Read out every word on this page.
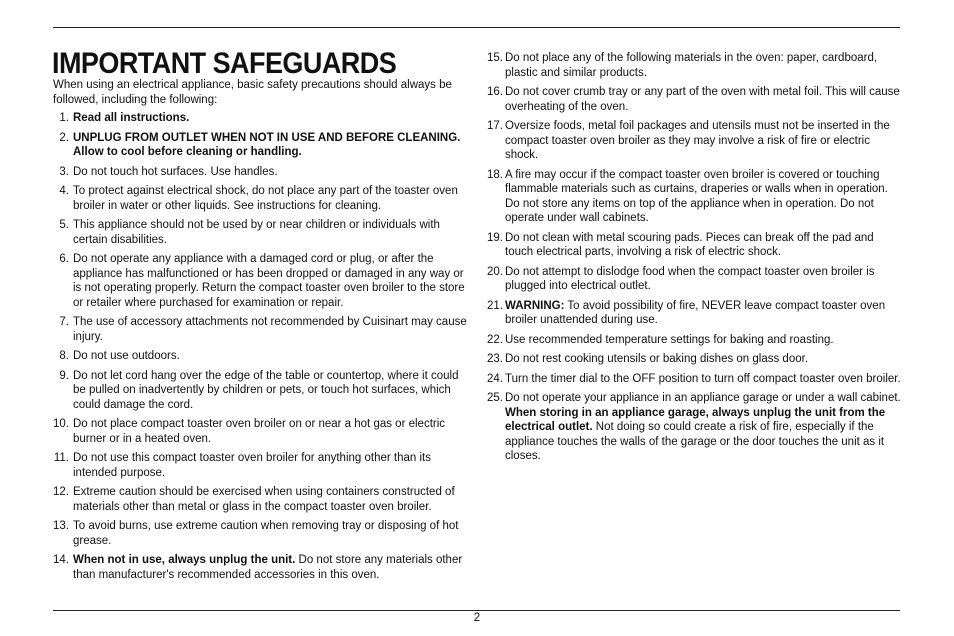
IMPORTANT SAFEGUARDS
When using an electrical appliance, basic safety precautions should always be followed, including the following:
1. Read all instructions.
2. UNPLUG FROM OUTLET WHEN NOT IN USE AND BEFORE CLEANING. Allow to cool before cleaning or handling.
3. Do not touch hot surfaces. Use handles.
4. To protect against electrical shock, do not place any part of the toaster oven broiler in water or other liquids. See instructions for cleaning.
5. This appliance should not be used by or near children or individuals with certain disabilities.
6. Do not operate any appliance with a damaged cord or plug, or after the appliance has malfunctioned or has been dropped or damaged in any way or is not operating properly. Return the compact toaster oven broiler to the store or retailer where purchased for examination or repair.
7. The use of accessory attachments not recommended by Cuisinart may cause injury.
8. Do not use outdoors.
9. Do not let cord hang over the edge of the table or countertop, where it could be pulled on inadvertently by children or pets, or touch hot surfaces, which could damage the cord.
10. Do not place compact toaster oven broiler on or near a hot gas or electric burner or in a heated oven.
11. Do not use this compact toaster oven broiler for anything other than its intended purpose.
12. Extreme caution should be exercised when using containers constructed of materials other than metal or glass in the compact toaster oven broiler.
13. To avoid burns, use extreme caution when removing tray or disposing of hot grease.
14. When not in use, always unplug the unit. Do not store any materials other than manufacturer's recommended accessories in this oven.
15. Do not place any of the following materials in the oven: paper, cardboard, plastic and similar products.
16. Do not cover crumb tray or any part of the oven with metal foil. This will cause overheating of the oven.
17. Oversize foods, metal foil packages and utensils must not be inserted in the compact toaster oven broiler as they may involve a risk of fire or electric shock.
18. A fire may occur if the compact toaster oven broiler is covered or touching flammable materials such as curtains, draperies or walls when in operation. Do not store any items on top of the appliance when in operation. Do not operate under wall cabinets.
19. Do not clean with metal scouring pads. Pieces can break off the pad and touch electrical parts, involving a risk of electric shock.
20. Do not attempt to dislodge food when the compact toaster oven broiler is plugged into electrical outlet.
21. WARNING: To avoid possibility of fire, NEVER leave compact toaster oven broiler unattended during use.
22. Use recommended temperature settings for baking and roasting.
23. Do not rest cooking utensils or baking dishes on glass door.
24. Turn the timer dial to the OFF position to turn off compact toaster oven broiler.
25. Do not operate your appliance in an appliance garage or under a wall cabinet. When storing in an appliance garage, always unplug the unit from the electrical outlet. Not doing so could create a risk of fire, especially if the appliance touches the walls of the garage or the door touches the unit as it closes.
2
